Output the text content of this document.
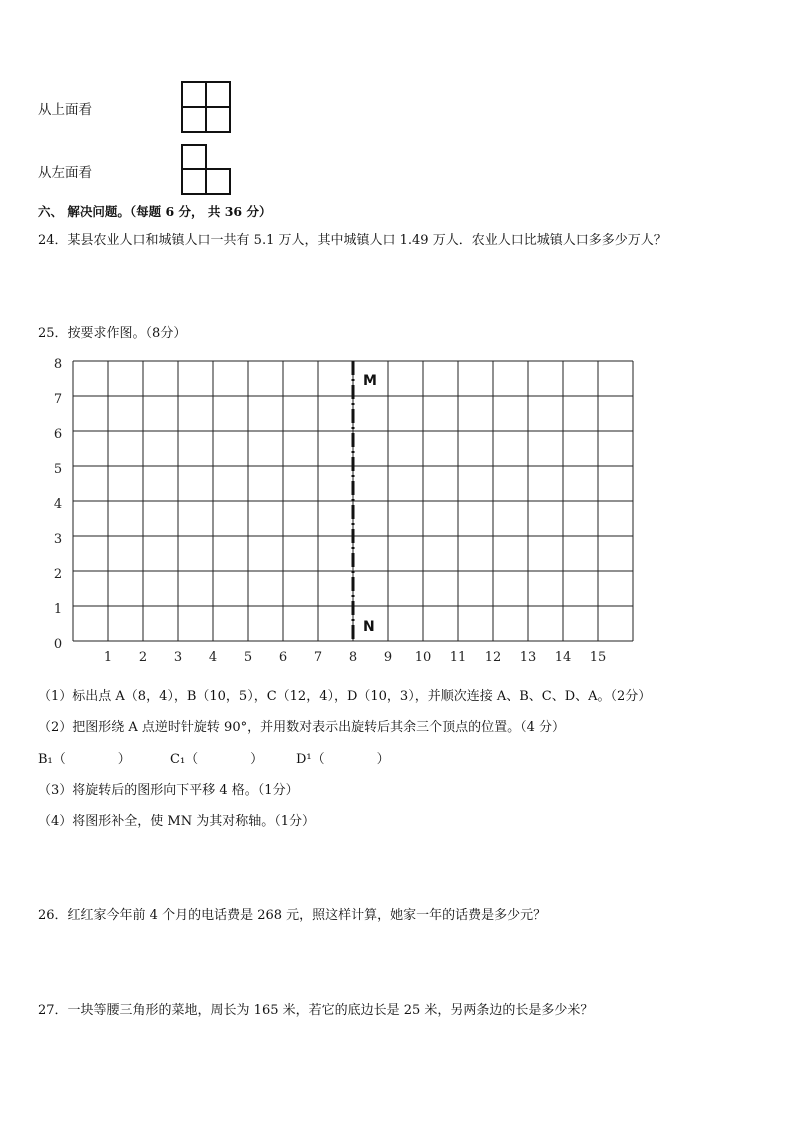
从上面看
从左面看
六、 解决问题。（每题 6 分， 共 36 分）
24．某县农业人口和城镇人口一共有 5.1 万人，其中城镇人口 1.49 万人．农业人口比城镇人口多多少万人？
25．按要求作图。（8分）
1 2 3 4 5 6 7 8 9 10 11 12 13 14 15
0
1
2
3
4
5
6
7
8
M
N
（1）标出点 A（8，4），B（10，5），C（12，4），D（10，3），并顺次连接 A、B、C、D、A。（2分）
（2）把图形绕 A 点逆时针旋转 90°，并用数对表示出旋转后其余三个顶点的位置。（4 分）
B₁（	）	C₁（	）	D¹（	）
（3）将旋转后的图形向下平移 4 格。（1分）
（4）将图形补全，使 MN 为其对称轴。（1分）
26．红红家今年前 4 个月的电话费是 268 元，照这样计算，她家一年的话费是多少元？
27．一块等腰三角形的菜地，周长为 165 米，若它的底边长是 25 米，另两条边的长是多少米？
